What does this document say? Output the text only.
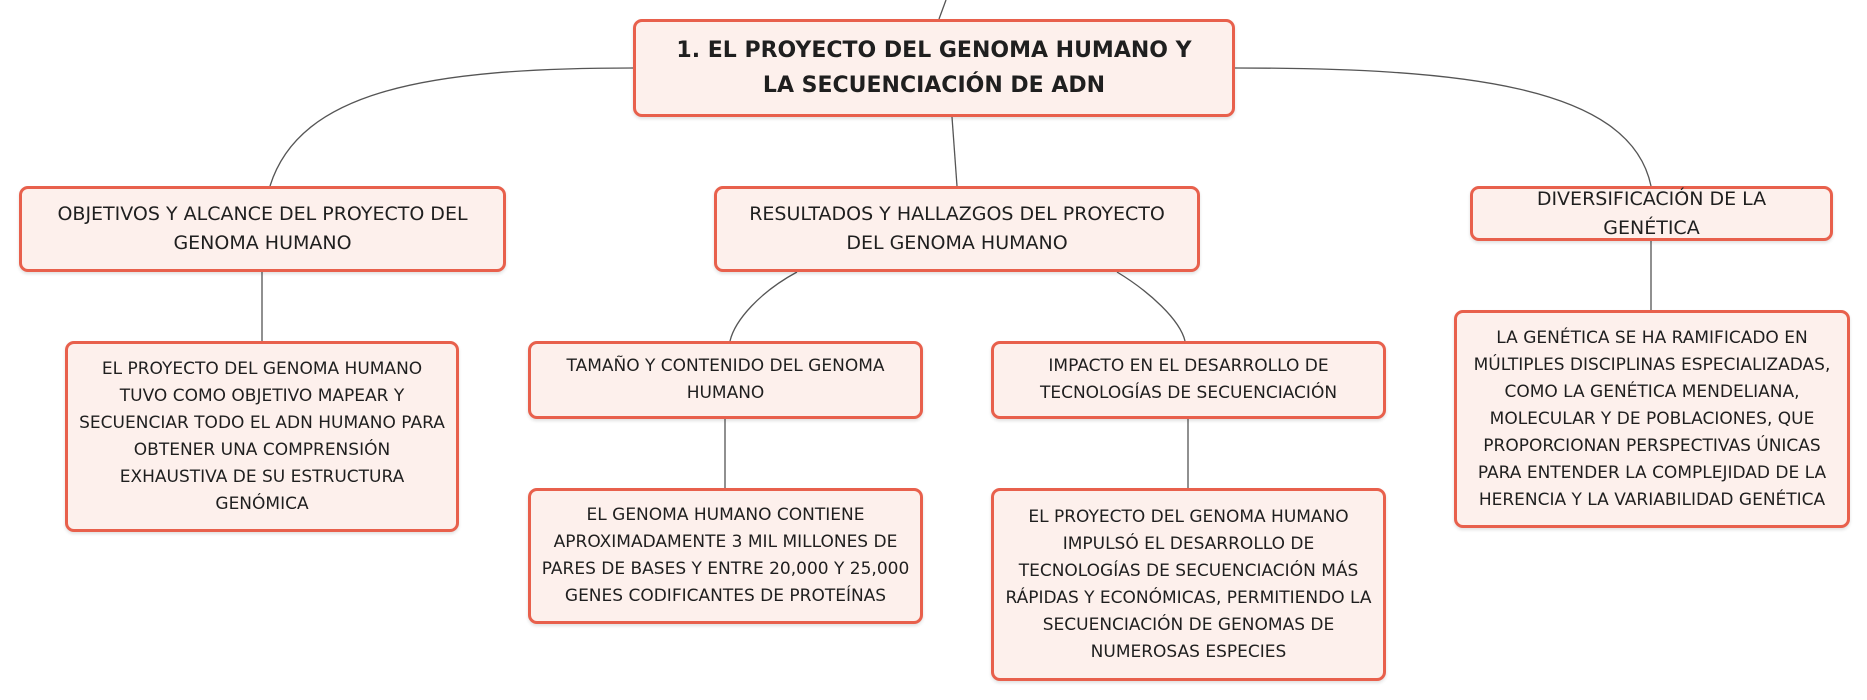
1. EL PROYECTO DEL GENOMA HUMANO Y LA SECUENCIACIÓN DE ADN
OBJETIVOS Y ALCANCE DEL PROYECTO DEL GENOMA HUMANO
RESULTADOS Y HALLAZGOS DEL PROYECTO DEL GENOMA HUMANO
DIVERSIFICACIÓN DE LA GENÉTICA
EL PROYECTO DEL GENOMA HUMANO TUVO COMO OBJETIVO MAPEAR Y SECUENCIAR TODO EL ADN HUMANO PARA OBTENER UNA COMPRENSIÓN EXHAUSTIVA DE SU ESTRUCTURA GENÓMICA
TAMAÑO Y CONTENIDO DEL GENOMA HUMANO
IMPACTO EN EL DESARROLLO DE TECNOLOGÍAS DE SECUENCIACIÓN
LA GENÉTICA SE HA RAMIFICADO EN MÚLTIPLES DISCIPLINAS ESPECIALIZADAS, COMO LA GENÉTICA MENDELIANA, MOLECULAR Y DE POBLACIONES, QUE PROPORCIONAN PERSPECTIVAS ÚNICAS PARA ENTENDER LA COMPLEJIDAD DE LA HERENCIA Y LA VARIABILIDAD GENÉTICA
EL GENOMA HUMANO CONTIENE APROXIMADAMENTE 3 MIL MILLONES DE PARES DE BASES Y ENTRE 20,000 Y 25,000 GENES CODIFICANTES DE PROTEÍNAS
EL PROYECTO DEL GENOMA HUMANO IMPULSÓ EL DESARROLLO DE TECNOLOGÍAS DE SECUENCIACIÓN MÁS RÁPIDAS Y ECONÓMICAS, PERMITIENDO LA SECUENCIACIÓN DE GENOMAS DE NUMEROSAS ESPECIES
